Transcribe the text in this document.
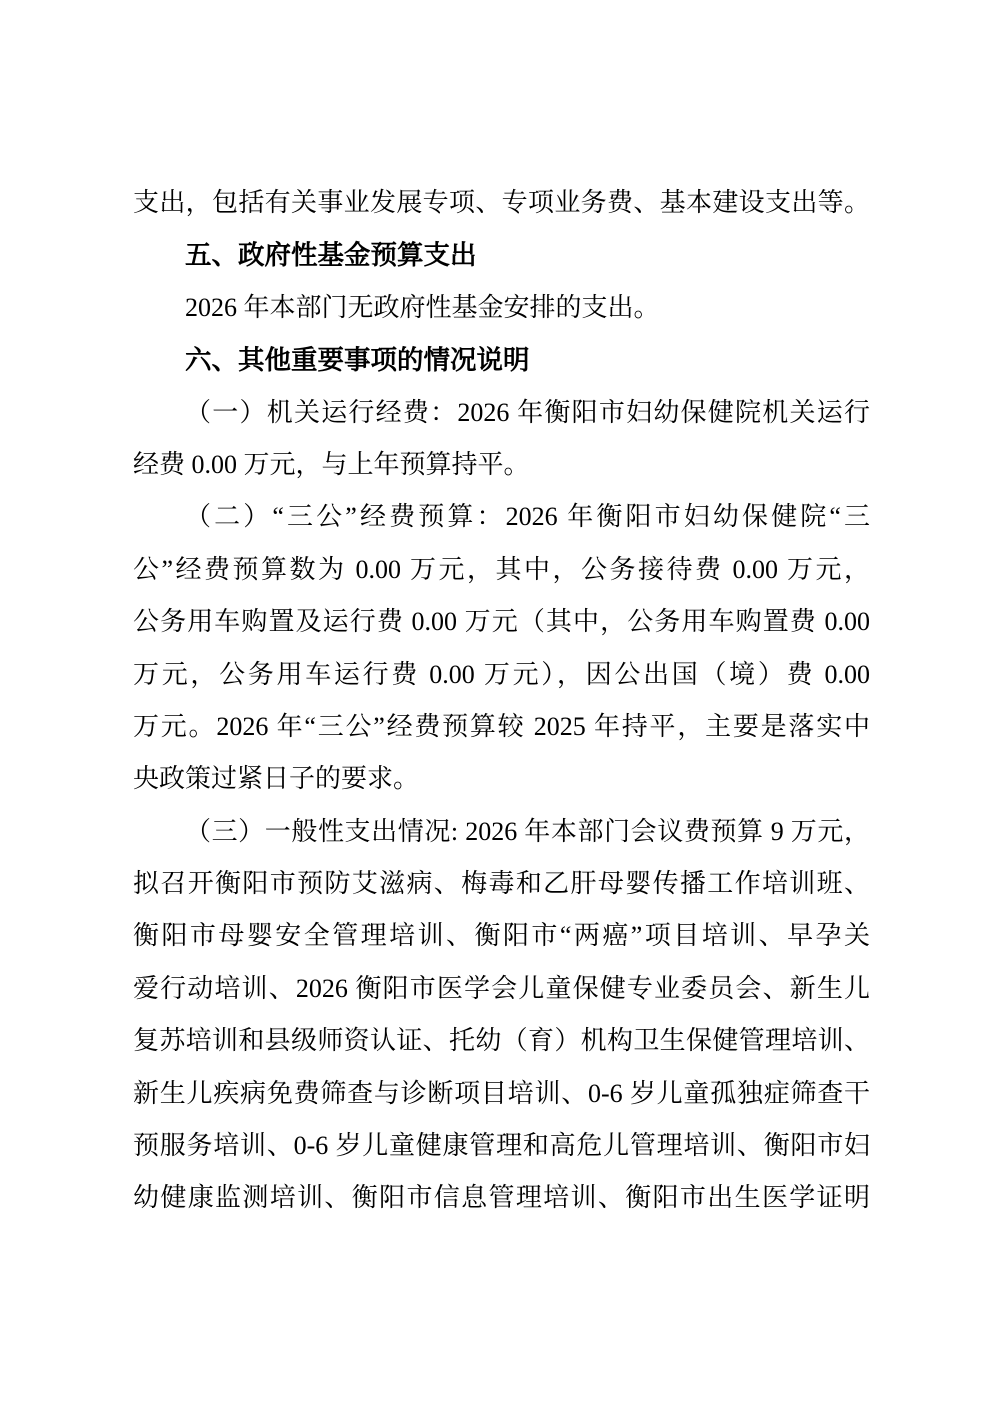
支出，包括有关事业发展专项、专项业务费、基本建设支出等。
五、政府性基金预算支出
2026 年本部门无政府性基金安排的支出。
六、其他重要事项的情况说明
（一）机关运行经费：2026 年衡阳市妇幼保健院机关运行
经费 0.00 万元，与上年预算持平。
（二）“三公”经费预算：2026 年衡阳市妇幼保健院“三
公”经费预算数为 0.00 万元，其中，公务接待费 0.00 万元，
公务用车购置及运行费 0.00 万元（其中，公务用车购置费 0.00
万元，公务用车运行费 0.00 万元），因公出国（境）费 0.00
万元。2026 年“三公”经费预算较 2025 年持平，主要是落实中
央政策过紧日子的要求。
（三）一般性支出情况: 2026 年本部门会议费预算 9 万元，
拟召开衡阳市预防艾滋病、梅毒和乙肝母婴传播工作培训班、
衡阳市母婴安全管理培训、衡阳市“两癌”项目培训、早孕关
爱行动培训、2026 衡阳市医学会儿童保健专业委员会、新生儿
复苏培训和县级师资认证、托幼（育）机构卫生保健管理培训、
新生儿疾病免费筛查与诊断项目培训、0-6 岁儿童孤独症筛查干
预服务培训、0-6 岁儿童健康管理和高危儿管理培训、衡阳市妇
幼健康监测培训、衡阳市信息管理培训、衡阳市出生医学证明
